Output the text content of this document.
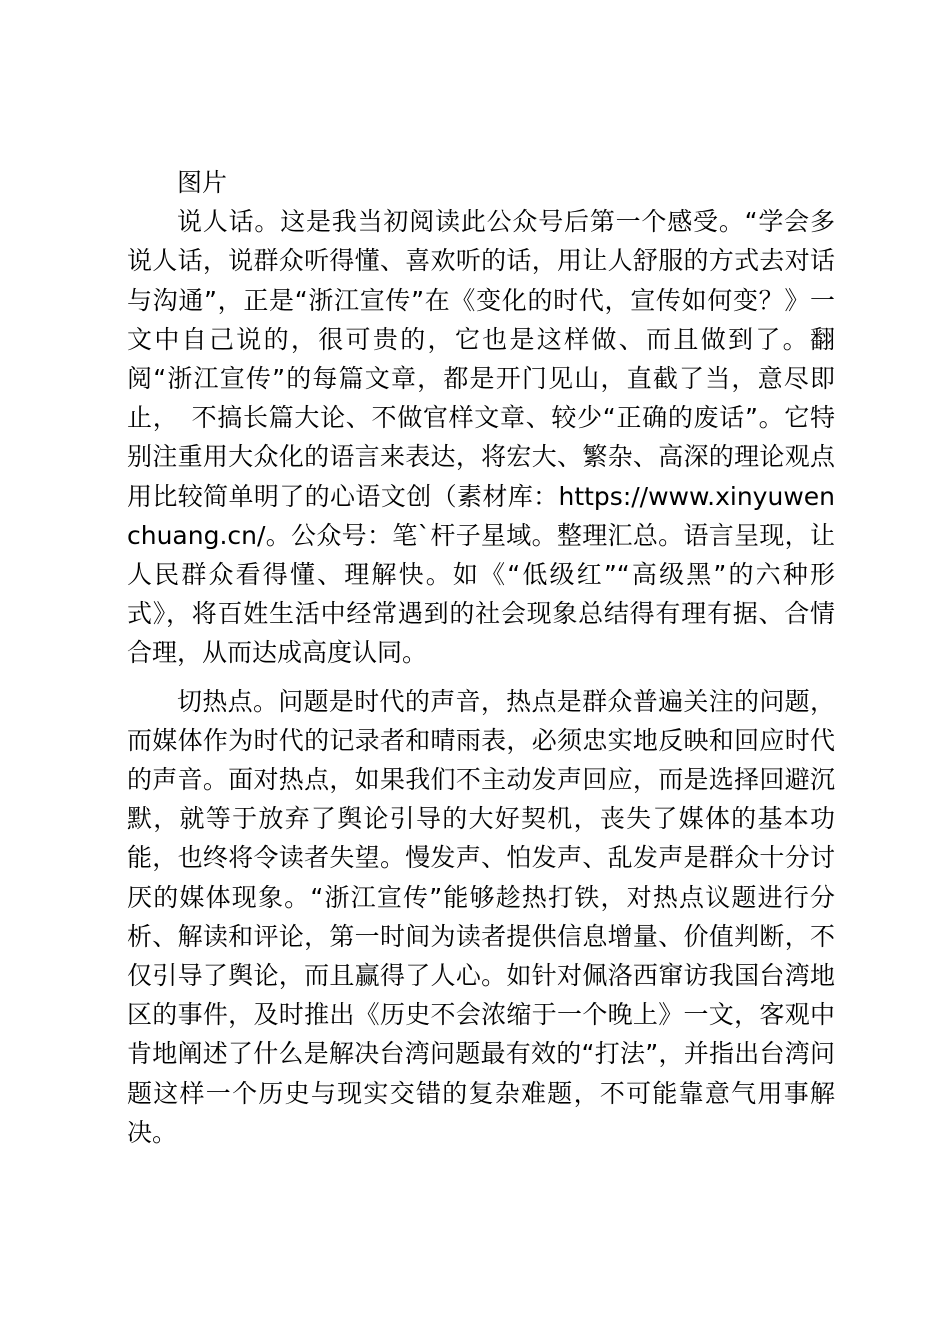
图片

说人话。这是我当初阅读此公众号后第一个感受。“学会多说人话，说群众听得懂、喜欢听的话，用让人舒服的方式去对话与沟通”，正是“浙江宣传”在《变化的时代，宣传如何变？》一文中自己说的，很可贵的，它也是这样做、而且做到了。翻阅“浙江宣传”的每篇文章，都是开门见山，直截了当，意尽即止，　不搞长篇大论、不做官样文章、较少“正确的废话”。它特别注重用大众化的语言来表达，将宏大、繁杂、高深的理论观点用比较简单明了的心语文创（素材库：https://www.xinyuwenchuang.cn/。公众号：笔`杆子星域。整理汇总。语言呈现，让人民群众看得懂、理解快。如《“低级红”“高级黑”的六种形式》，将百姓生活中经常遇到的社会现象总结得有理有据、合情合理，从而达成高度认同。

切热点。问题是时代的声音，热点是群众普遍关注的问题，而媒体作为时代的记录者和晴雨表，必须忠实地反映和回应时代的声音。面对热点，如果我们不主动发声回应，而是选择回避沉默，就等于放弃了舆论引导的大好契机，丧失了媒体的基本功能，也终将令读者失望。慢发声、怕发声、乱发声是群众十分讨厌的媒体现象。“浙江宣传”能够趁热打铁，对热点议题进行分析、解读和评论，第一时间为读者提供信息增量、价值判断，不仅引导了舆论，而且赢得了人心。如针对佩洛西窜访我国台湾地区的事件，及时推出《历史不会浓缩于一个晚上》一文，客观中肯地阐述了什么是解决台湾问题最有效的“打法”，并指出台湾问题这样一个历史与现实交错的复杂难题，不可能靠意气用事解决。
